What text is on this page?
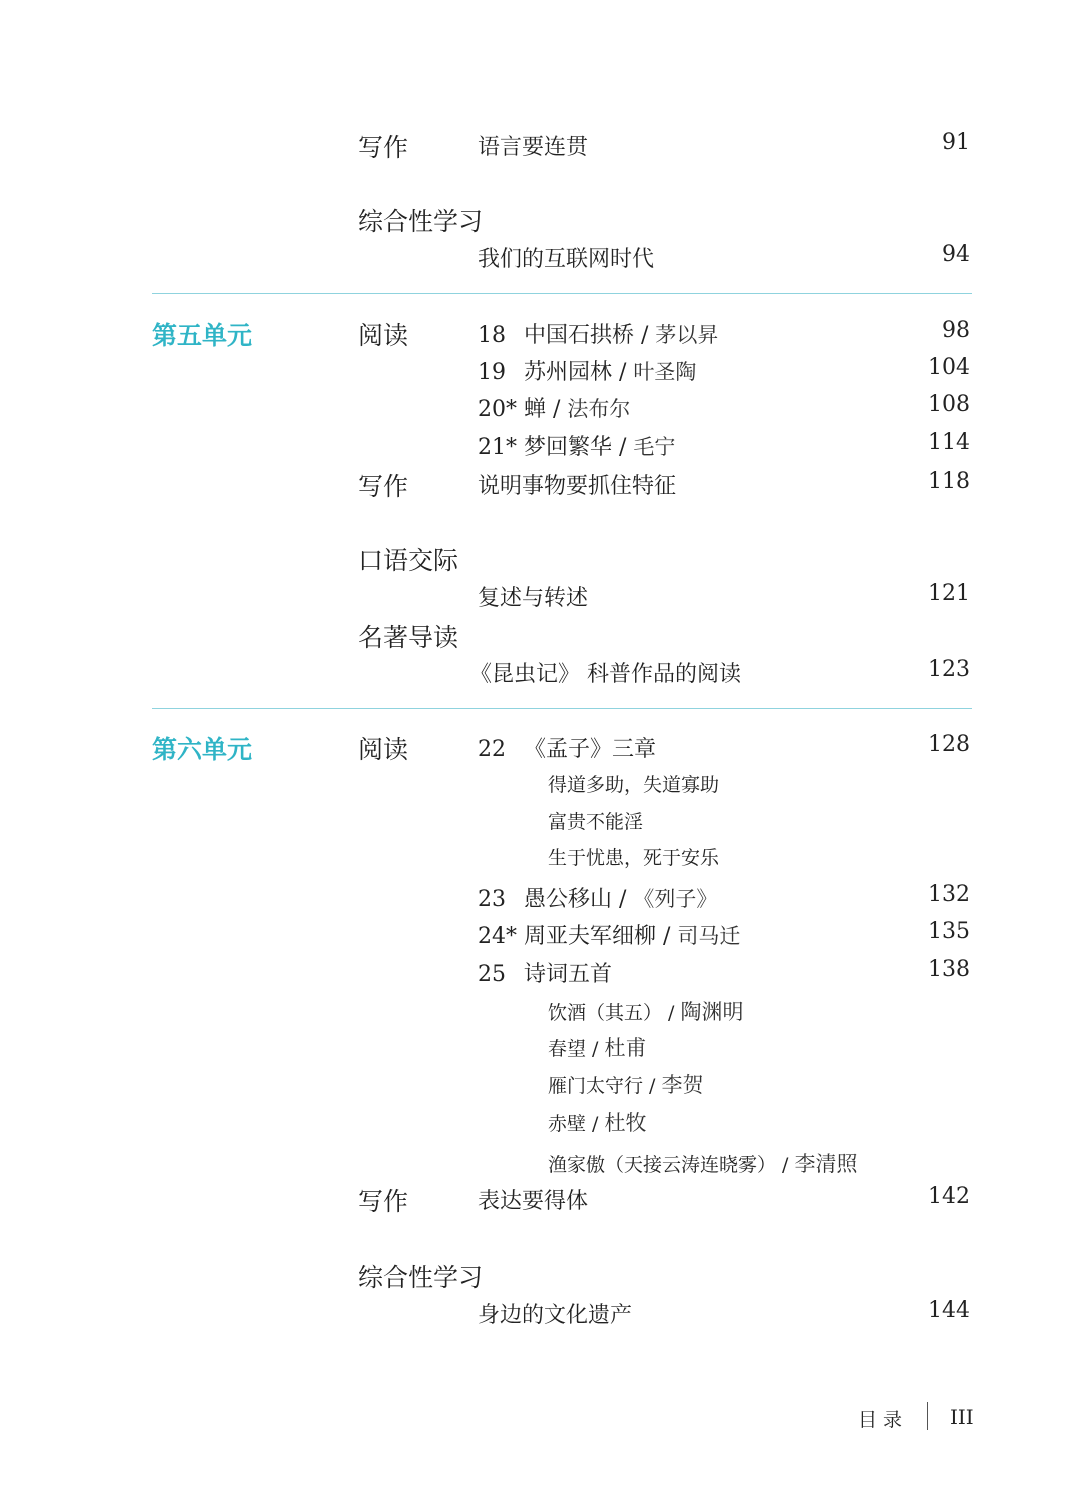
写作	语言要连贯	91
综合性学习
我们的互联网时代	94
第五单元	阅读	18 中国石拱桥 / 茅以昇	98
19 苏州园林 / 叶圣陶	104
20* 蝉 / 法布尔	108
21* 梦回繁华 / 毛宁	114
写作	说明事物要抓住特征	118
口语交际
复述与转述	121
名著导读
《昆虫记》 科普作品的阅读	123
第六单元	阅读	22 《孟子》三章	128
得道多助，失道寡助
富贵不能淫
生于忧患，死于安乐
23 愚公移山 / 《列子》	132
24* 周亚夫军细柳 / 司马迁	135
25 诗词五首	138
饮酒（其五） / 陶渊明
春望 / 杜甫
雁门太守行 / 李贺
赤壁 / 杜牧
渔家傲（天接云涛连晓雾） / 李清照
写作	表达要得体	142
综合性学习
身边的文化遗产	144
目录 III
